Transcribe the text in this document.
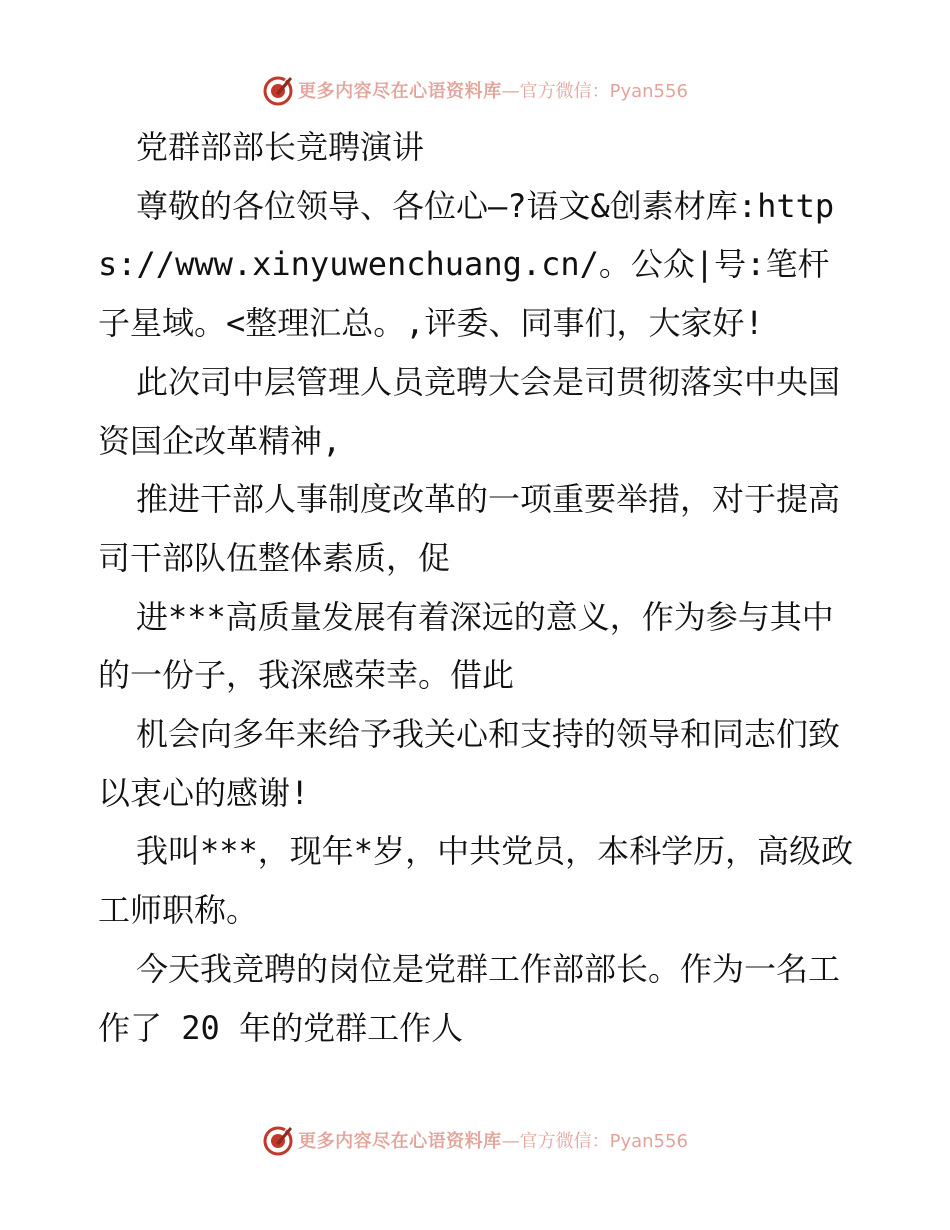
更多内容尽在心语资料库 —官方微信：Pyan556

党群部部长竞聘演讲

尊敬的各位领导、各位心—?语文&创素材库:https://www.xinyuwenchuang.cn/。公众|号:笔杆子星域。<整理汇总。,评委、同事们，大家好!

此次司中层管理人员竞聘大会是司贯彻落实中央国资国企改革精神,

推进干部人事制度改革的一项重要举措，对于提高司干部队伍整体素质，促

进***高质量发展有着深远的意义，作为参与其中的一份子，我深感荣幸。借此

机会向多年来给予我关心和支持的领导和同志们致以衷心的感谢!

我叫***，现年*岁，中共党员，本科学历，高级政工师职称。

今天我竞聘的岗位是党群工作部部长。作为一名工作了 20 年的党群工作人

更多内容尽在心语资料库 —官方微信：Pyan556
